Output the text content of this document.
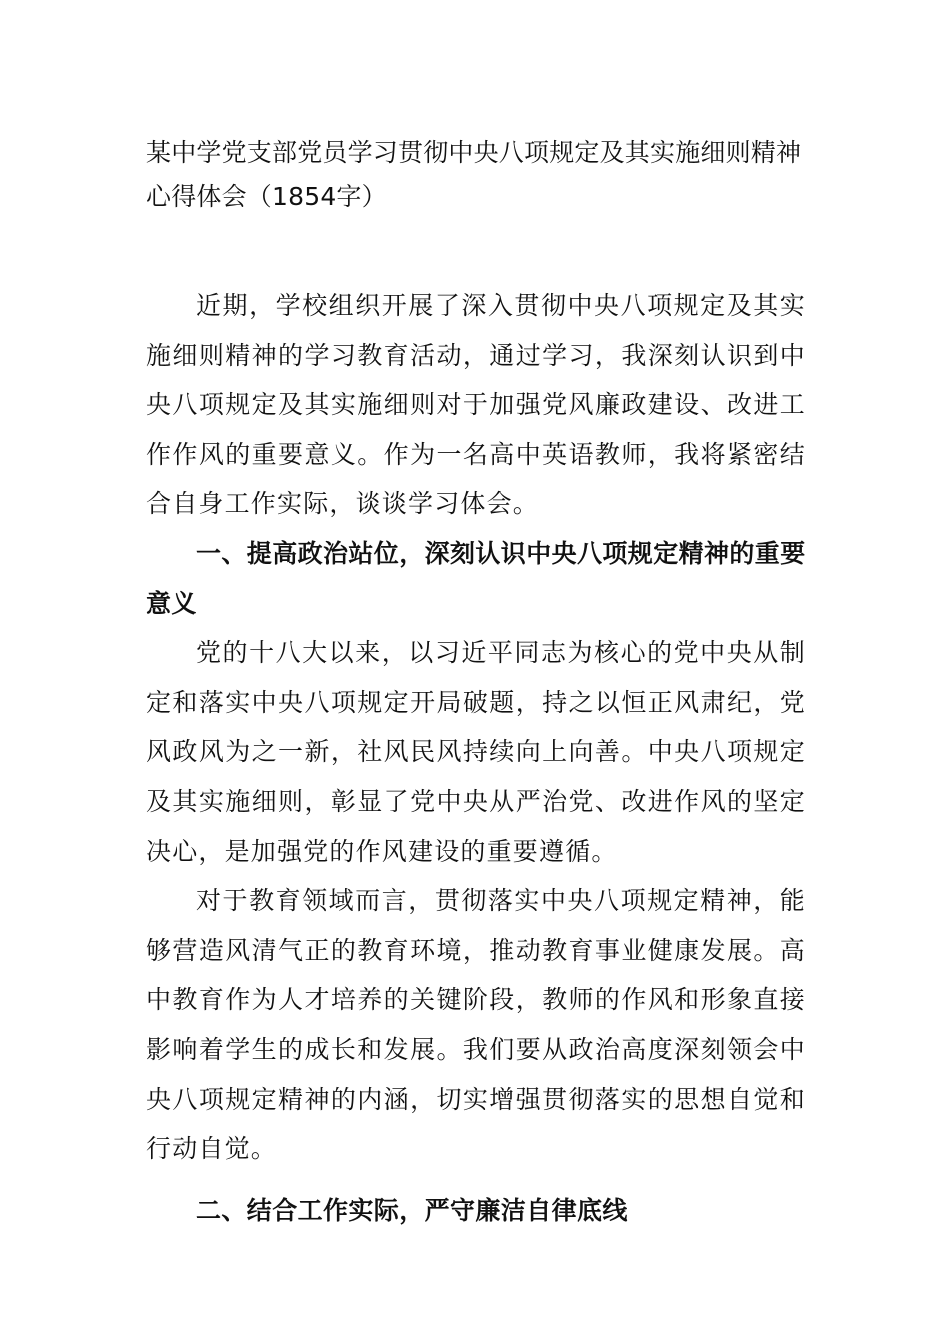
某中学党支部党员学习贯彻中央八项规定及其实施细则精神心得体会（1854字）

近期，学校组织开展了深入贯彻中央八项规定及其实施细则精神的学习教育活动，通过学习，我深刻认识到中央八项规定及其实施细则对于加强党风廉政建设、改进工作作风的重要意义。作为一名高中英语教师，我将紧密结合自身工作实际，谈谈学习体会。

一、提高政治站位，深刻认识中央八项规定精神的重要意义

党的十八大以来，以习近平同志为核心的党中央从制定和落实中央八项规定开局破题，持之以恒正风肃纪，党风政风为之一新，社风民风持续向上向善。中央八项规定及其实施细则，彰显了党中央从严治党、改进作风的坚定决心，是加强党的作风建设的重要遵循。

对于教育领域而言，贯彻落实中央八项规定精神，能够营造风清气正的教育环境，推动教育事业健康发展。高中教育作为人才培养的关键阶段，教师的作风和形象直接影响着学生的成长和发展。我们要从政治高度深刻领会中央八项规定精神的内涵，切实增强贯彻落实的思想自觉和行动自觉。

二、结合工作实际，严守廉洁自律底线
